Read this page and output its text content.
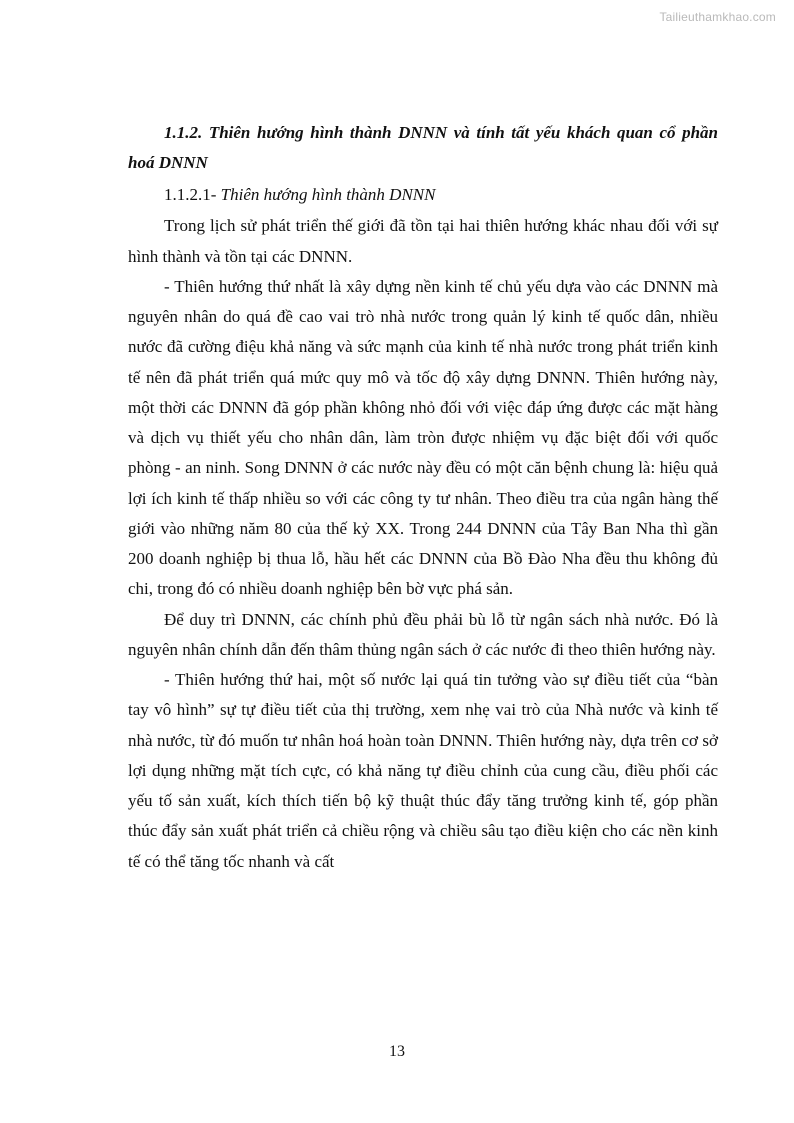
Tailieuthamkhao.com
1.1.2. Thiên hướng hình thành DNNN và tính tất yếu khách quan cổ phần hoá DNNN
1.1.2.1- Thiên hướng hình thành DNNN

Trong lịch sử phát triển thế giới đã tồn tại hai thiên hướng khác nhau đối với sự hình thành và tồn tại các DNNN.

- Thiên hướng thứ nhất là xây dựng nền kinh tế chủ yếu dựa vào các DNNN mà nguyên nhân do quá đề cao vai trò nhà nước trong quản lý kinh tế quốc dân, nhiều nước đã cường điệu khả năng và sức mạnh của kinh tế nhà nước trong phát triển kinh tế nên đã phát triển quá mức quy mô và tốc độ xây dựng DNNN. Thiên hướng này, một thời các DNNN đã góp phần không nhỏ đối với việc đáp ứng được các mặt hàng và dịch vụ thiết yếu cho nhân dân, làm tròn được nhiệm vụ đặc biệt đối với quốc phòng - an ninh. Song DNNN ở các nước này đều có một căn bệnh chung là: hiệu quả lợi ích kinh tế thấp nhiều so với các công ty tư nhân. Theo điều tra của ngân hàng thế giới vào những năm 80 của thế kỷ XX. Trong 244 DNNN của Tây Ban Nha thì gần 200 doanh nghiệp bị thua lỗ, hầu hết các DNNN của Bồ Đào Nha đều thu không đủ chi, trong đó có nhiều doanh nghiệp bên bờ vực phá sản.

Để duy trì DNNN, các chính phủ đều phải bù lỗ từ ngân sách nhà nước. Đó là nguyên nhân chính dẫn đến thâm thủng ngân sách ở các nước đi theo thiên hướng này.

- Thiên hướng thứ hai, một số nước lại quá tin tưởng vào sự điều tiết của “bàn tay vô hình” sự tự điều tiết của thị trường, xem nhẹ vai trò của Nhà nước và kinh tế nhà nước, từ đó muốn tư nhân hoá hoàn toàn DNNN. Thiên hướng này, dựa trên cơ sở lợi dụng những mặt tích cực, có khả năng tự điều chỉnh của cung cầu, điều phối các yếu tố sản xuất, kích thích tiến bộ kỹ thuật thúc đẩy tăng trưởng kinh tế, góp phần thúc đẩy sản xuất phát triển cả chiều rộng và chiều sâu tạo điều kiện cho các nền kinh tế có thể tăng tốc nhanh và cất

13
